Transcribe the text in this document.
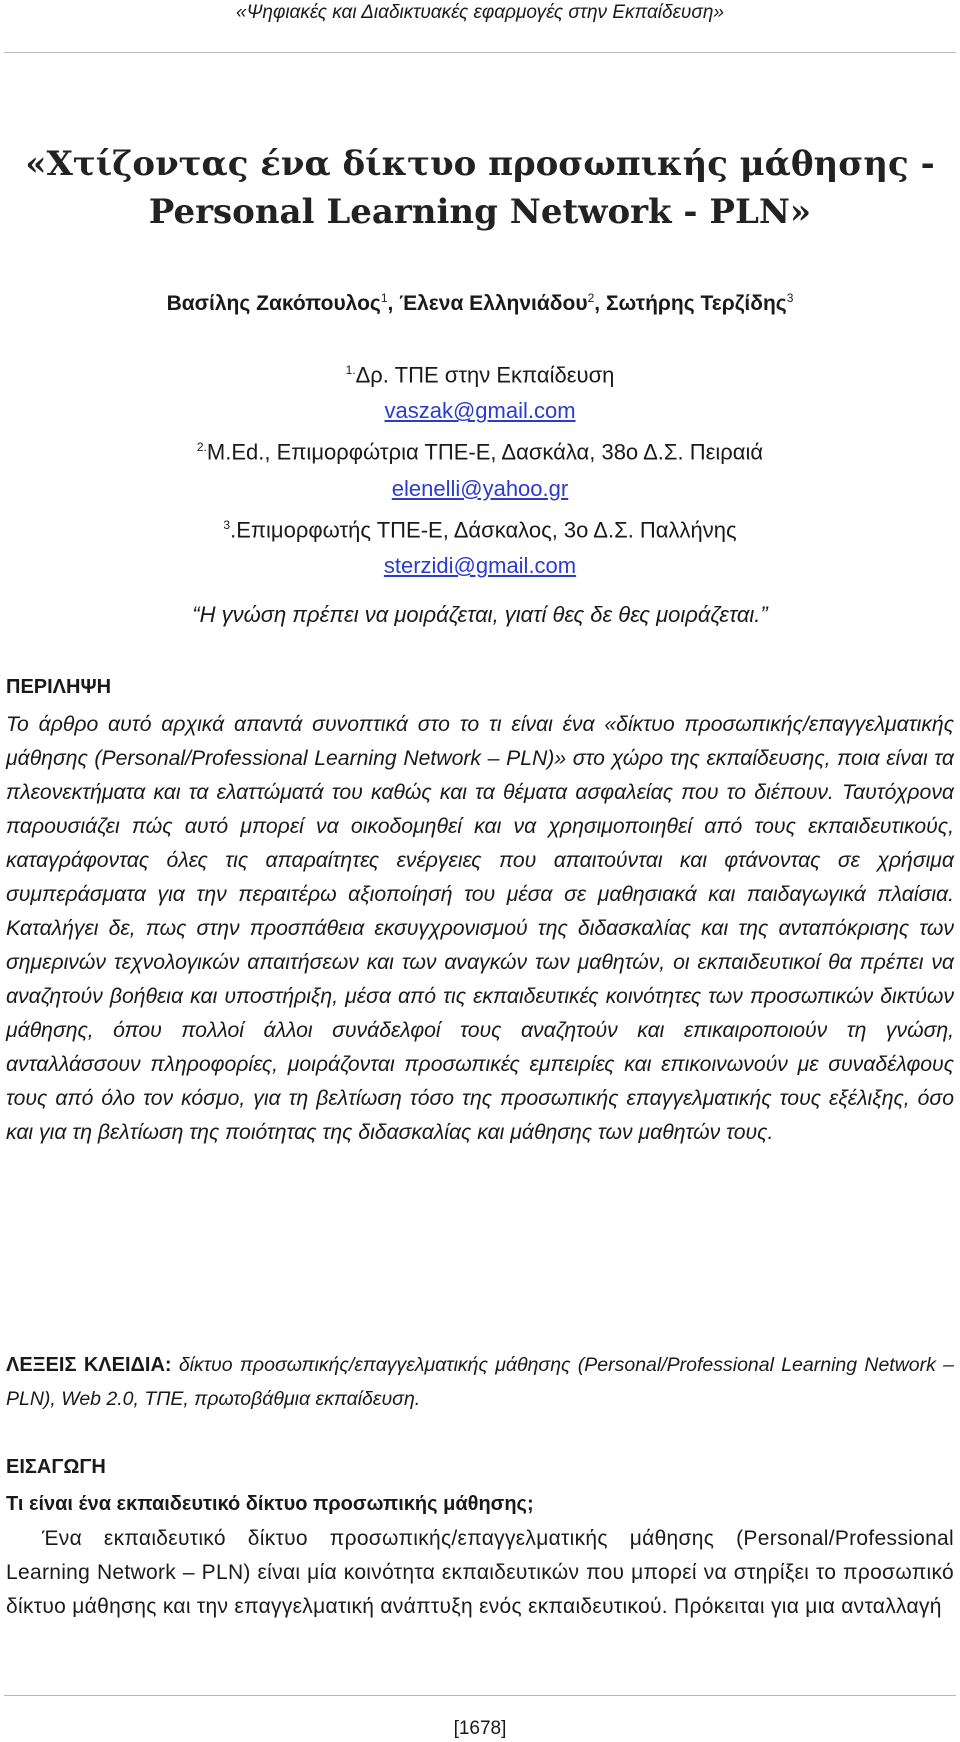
«Ψηφιακές και Διαδικτυακές εφαρμογές στην Εκπαίδευση»
«Χτίζοντας ένα δίκτυο προσωπικής μάθησης - Personal Learning Network - PLN»
Βασίλης Ζακόπουλος$^1$, Έλενα Ελληνιάδου$^2$, Σωτήρης Τερζίδης$^3$
$^{1.}$Δρ. ΤΠΕ στην Εκπαίδευση
vaszak@gmail.com
$^{2.}$M.Ed., Επιμορφώτρια ΤΠΕ-Ε, Δασκάλα, 38ο Δ.Σ. Πειραιά
elenelli@yahoo.gr
$^3$.Επιμορφωτής ΤΠΕ-Ε, Δάσκαλος, 3ο Δ.Σ. Παλλήνης
sterzidi@gmail.com
“Η γνώση πρέπει να μοιράζεται, γιατί θες δε θες μοιράζεται.”
ΠΕΡΙΛΗΨΗ
Το άρθρο αυτό αρχικά απαντά συνοπτικά στο το τι είναι ένα «δίκτυο προσωπικής/επαγγελματικής μάθησης (Personal/Professional Learning Network – PLN)» στο χώρο της εκπαίδευσης, ποια είναι τα πλεονεκτήματα και τα ελαττώματά του καθώς και τα θέματα ασφαλείας που το διέπουν. Ταυτόχρονα παρουσιάζει πώς αυτό μπορεί να οικοδομηθεί και να χρησιμοποιηθεί από τους εκπαιδευτικούς, καταγράφοντας όλες τις απαραίτητες ενέργειες που απαιτούνται και φτάνοντας σε χρήσιμα συμπεράσματα για την περαιτέρω αξιοποίησή του μέσα σε μαθησιακά και παιδαγωγικά πλαίσια. Καταλήγει δε, πως στην προσπάθεια εκσυγχρονισμού της διδασκαλίας και της ανταπόκρισης των σημερινών τεχνολογικών απαιτήσεων και των αναγκών των μαθητών, οι εκπαιδευτικοί θα πρέπει να αναζητούν βοήθεια και υποστήριξη, μέσα από τις εκπαιδευτικές κοινότητες των προσωπικών δικτύων μάθησης, όπου πολλοί άλλοι συνάδελφοί τους αναζητούν και επικαιροποιούν τη γνώση, ανταλλάσσουν πληροφορίες, μοιράζονται προσωπικές εμπειρίες και επικοινωνούν με συναδέλφους τους από όλο τον κόσμο, για τη βελτίωση τόσο της προσωπικής επαγγελματικής τους εξέλιξης, όσο και για τη βελτίωση της ποιότητας της διδασκαλίας και μάθησης των μαθητών τους.
ΛΕΞΕΙΣ ΚΛΕΙΔΙΑ: δίκτυο προσωπικής/επαγγελματικής μάθησης (Personal/Professional Learning Network – PLN), Web 2.0, ΤΠΕ, πρωτοβάθμια εκπαίδευση.
ΕΙΣΑΓΩΓΗ
Τι είναι ένα εκπαιδευτικό δίκτυο προσωπικής μάθησης;
Ένα εκπαιδευτικό δίκτυο προσωπικής/επαγγελματικής μάθησης (Personal/Professional Learning Network – PLN) είναι μία κοινότητα εκπαιδευτικών που μπορεί να στηρίξει το προσωπικό δίκτυο μάθησης και την επαγγελματική ανάπτυξη ενός εκπαιδευτικού. Πρόκειται για μια ανταλλαγή
[1678]
